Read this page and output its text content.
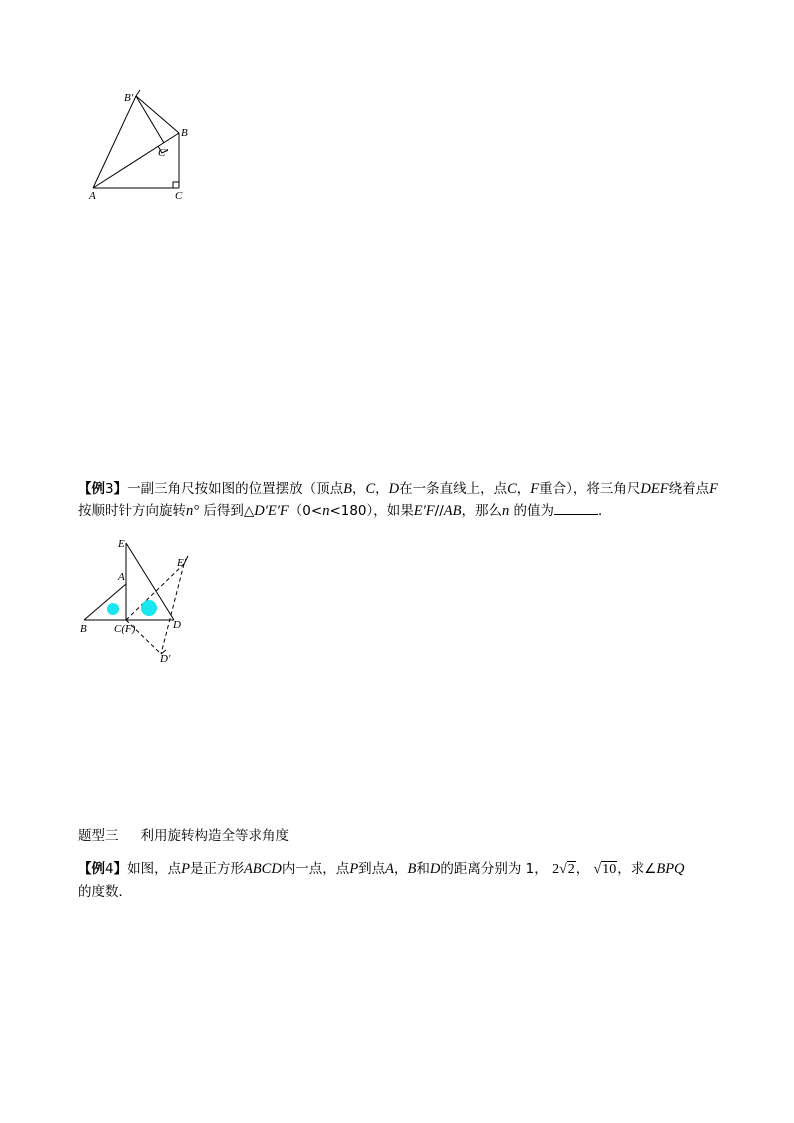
B′
B
C′
A	C
【例3】一副三角尺按如图的位置摆放（顶点B，C，D在一条直线上，点C，F重合），将三角尺DEF绕着点F按顺时针方向旋转n° 后得到△D′E′F（0<n<180），如果E′F//AB，那么n 的值为	．
E
E′
A
B C(F)	D
D′
题型三 利用旋转构造全等求角度
【例4】如图，点P是正方形ABCD内一点，点P到点A，B和D的距离分别为 1， 2√2， √10，求∠BPQ
的度数．
